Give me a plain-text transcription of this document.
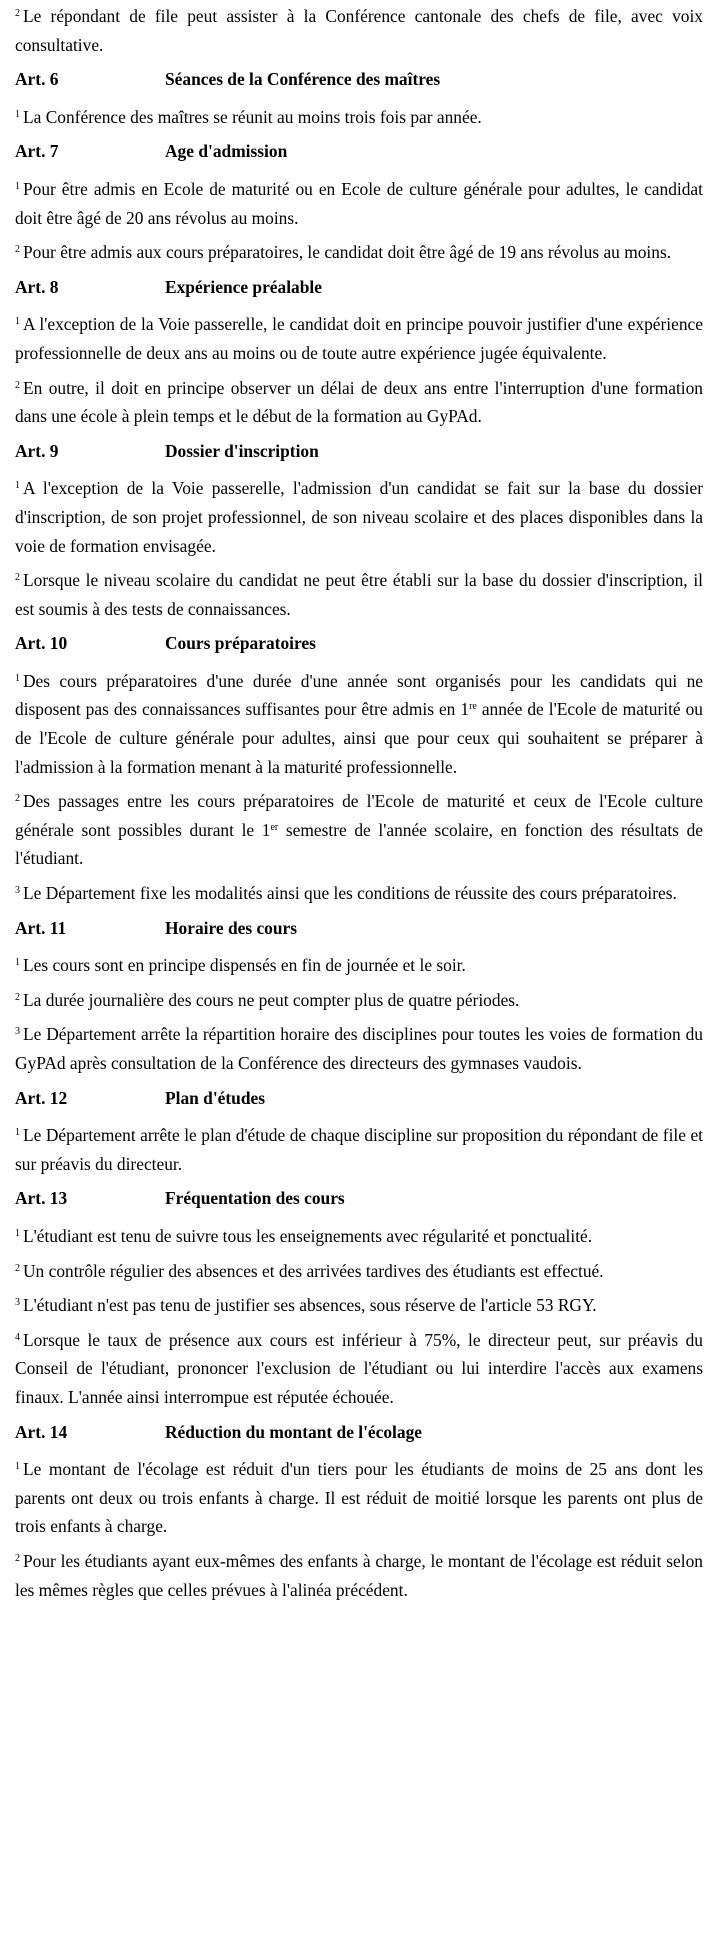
$^2$ Le répondant de file peut assister à la Conférence cantonale des chefs de file, avec voix consultative.

Art. 6	Séances de la Conférence des maîtres

$^1$ La Conférence des maîtres se réunit au moins trois fois par année.

Art. 7	Age d'admission

$^1$ Pour être admis en Ecole de maturité ou en Ecole de culture générale pour adultes, le candidat doit être âgé de 20 ans révolus au moins.

$^2$ Pour être admis aux cours préparatoires, le candidat doit être âgé de 19 ans révolus au moins.

Art. 8	Expérience préalable

$^1$ A l'exception de la Voie passerelle, le candidat doit en principe pouvoir justifier d'une expérience professionnelle de deux ans au moins ou de toute autre expérience jugée équivalente.

$^2$ En outre, il doit en principe observer un délai de deux ans entre l'interruption d'une formation dans une école à plein temps et le début de la formation au GyPAd.

Art. 9	Dossier d'inscription

$^1$ A l'exception de la Voie passerelle, l'admission d'un candidat se fait sur la base du dossier d'inscription, de son projet professionnel, de son niveau scolaire et des places disponibles dans la voie de formation envisagée.

$^2$ Lorsque le niveau scolaire du candidat ne peut être établi sur la base du dossier d'inscription, il est soumis à des tests de connaissances.

Art. 10	Cours préparatoires

$^1$ Des cours préparatoires d'une durée d'une année sont organisés pour les candidats qui ne disposent pas des connaissances suffisantes pour être admis en 1re année de l'Ecole de maturité ou de l'Ecole de culture générale pour adultes, ainsi que pour ceux qui souhaitent se préparer à l'admission à la formation menant à la maturité professionnelle.

$^2$ Des passages entre les cours préparatoires de l'Ecole de maturité et ceux de l'Ecole culture générale sont possibles durant le 1er semestre de l'année scolaire, en fonction des résultats de l'étudiant.

$^3$ Le Département fixe les modalités ainsi que les conditions de réussite des cours préparatoires.

Art. 11	Horaire des cours

$^1$ Les cours sont en principe dispensés en fin de journée et le soir.

$^2$ La durée journalière des cours ne peut compter plus de quatre périodes.

$^3$ Le Département arrête la répartition horaire des disciplines pour toutes les voies de formation du GyPAd après consultation de la Conférence des directeurs des gymnases vaudois.

Art. 12	Plan d'études

$^1$ Le Département arrête le plan d'étude de chaque discipline sur proposition du répondant de file et sur préavis du directeur.

Art. 13	Fréquentation des cours

$^1$ L'étudiant est tenu de suivre tous les enseignements avec régularité et ponctualité.

$^2$ Un contrôle régulier des absences et des arrivées tardives des étudiants est effectué.

$^3$ L'étudiant n'est pas tenu de justifier ses absences, sous réserve de l'article 53 RGY.

$^4$ Lorsque le taux de présence aux cours est inférieur à 75%, le directeur peut, sur préavis du Conseil de l'étudiant, prononcer l'exclusion de l'étudiant ou lui interdire l'accès aux examens finaux. L'année ainsi interrompue est réputée échouée.

Art. 14	Réduction du montant de l'écolage

$^1$ Le montant de l'écolage est réduit d'un tiers pour les étudiants de moins de 25 ans dont les parents ont deux ou trois enfants à charge. Il est réduit de moitié lorsque les parents ont plus de trois enfants à charge.

$^2$ Pour les étudiants ayant eux-mêmes des enfants à charge, le montant de l'écolage est réduit selon les mêmes règles que celles prévues à l'alinéa précédent.
